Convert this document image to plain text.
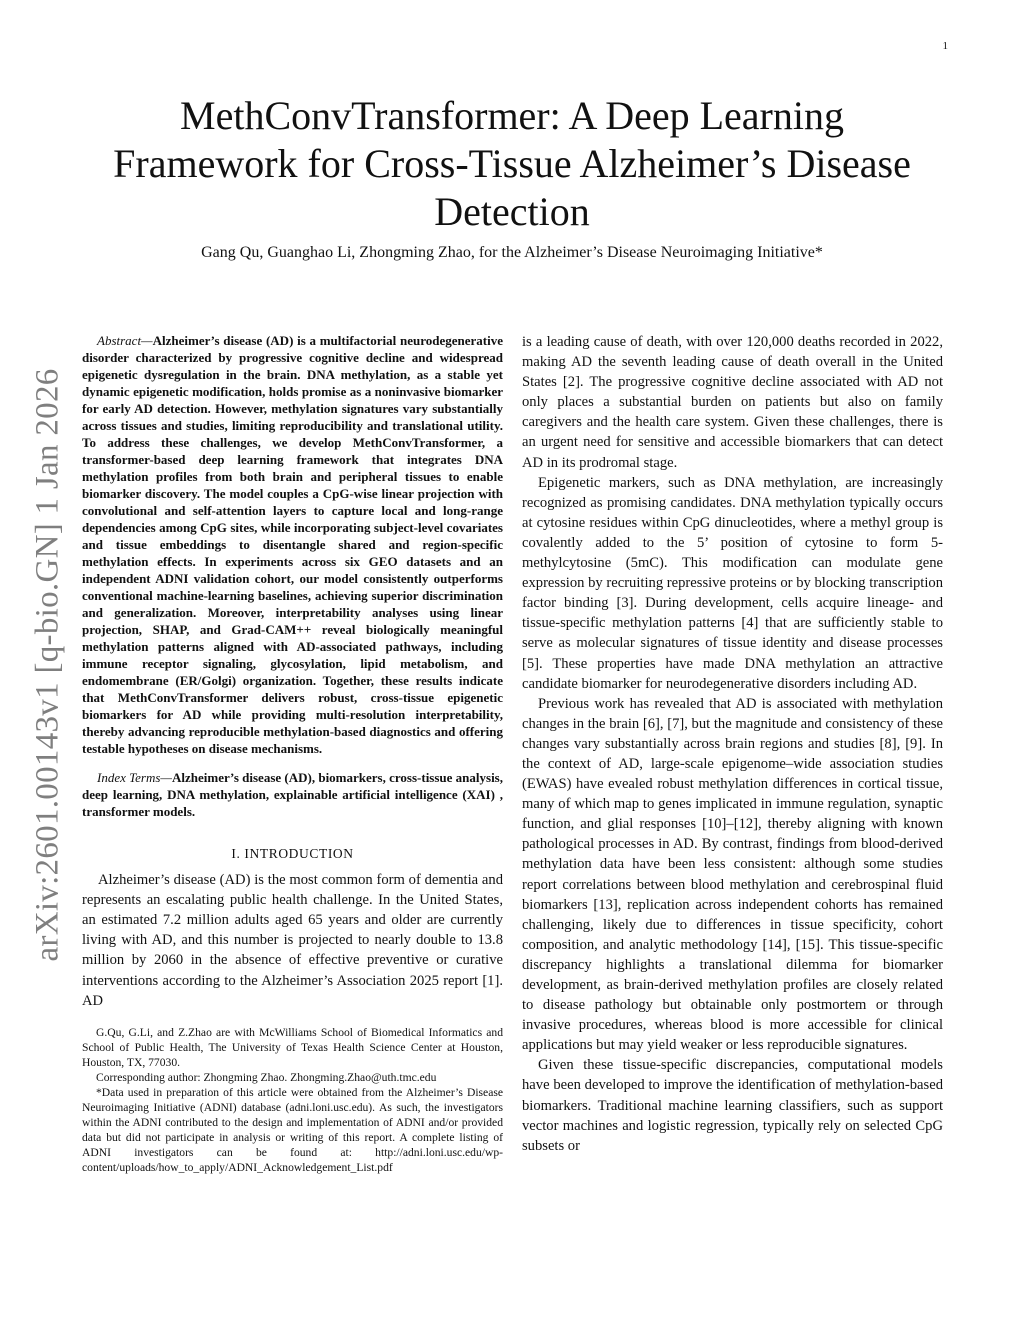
1
arXiv:2601.00143v1 [q-bio.GN] 1 Jan 2026
MethConvTransformer: A Deep Learning Framework for Cross-Tissue Alzheimer’s Disease Detection
Gang Qu, Guanghao Li, Zhongming Zhao, for the Alzheimer’s Disease Neuroimaging Initiative*

Abstract—Alzheimer’s disease (AD) is a multifactorial neurodegenerative disorder characterized by progressive cognitive decline and widespread epigenetic dysregulation in the brain. DNA methylation, as a stable yet dynamic epigenetic modification, holds promise as a noninvasive biomarker for early AD detection. However, methylation signatures vary substantially across tissues and studies, limiting reproducibility and translational utility. To address these challenges, we develop MethConvTransformer, a transformer-based deep learning framework that integrates DNA methylation profiles from both brain and peripheral tissues to enable biomarker discovery. The model couples a CpG-wise linear projection with convolutional and self-attention layers to capture local and long-range dependencies among CpG sites, while incorporating subject-level covariates and tissue embeddings to disentangle shared and region-specific methylation effects. In experiments across six GEO datasets and an independent ADNI validation cohort, our model consistently outperforms conventional machine-learning baselines, achieving superior discrimination and generalization. Moreover, interpretability analyses using linear projection, SHAP, and Grad-CAM++ reveal biologically meaningful methylation patterns aligned with AD-associated pathways, including immune receptor signaling, glycosylation, lipid metabolism, and endomembrane (ER/Golgi) organization. Together, these results indicate that MethConvTransformer delivers robust, cross-tissue epigenetic biomarkers for AD while providing multi-resolution interpretability, thereby advancing reproducible methylation-based diagnostics and offering testable hypotheses on disease mechanisms.

Index Terms—Alzheimer’s disease (AD), biomarkers, cross-tissue analysis, deep learning, DNA methylation, explainable artificial intelligence (XAI) , transformer models.

I. INTRODUCTION

Alzheimer’s disease (AD) is the most common form of dementia and represents an escalating public health challenge. In the United States, an estimated 7.2 million adults aged 65 years and older are currently living with AD, and this number is projected to nearly double to 13.8 million by 2060 in the absence of effective preventive or curative interventions according to the Alzheimer’s Association 2025 report [1]. AD

G.Qu, G.Li, and Z.Zhao are with McWilliams School of Biomedical Informatics and School of Public Health, The University of Texas Health Science Center at Houston, Houston, TX, 77030.

Corresponding author: Zhongming Zhao. Zhongming.Zhao@uth.tmc.edu

*Data used in preparation of this article were obtained from the Alzheimer’s Disease Neuroimaging Initiative (ADNI) database (adni.loni.usc.edu). As such, the investigators within the ADNI contributed to the design and implementation of ADNI and/or provided data but did not participate in analysis or writing of this report. A complete listing of ADNI investigators can be found at: http://adni.loni.usc.edu/wp-content/uploads/how_to_apply/ADNI_Acknowledgement_List.pdf

is a leading cause of death, with over 120,000 deaths recorded in 2022, making AD the seventh leading cause of death overall in the United States [2]. The progressive cognitive decline associated with AD not only places a substantial burden on patients but also on family caregivers and the health care system. Given these challenges, there is an urgent need for sensitive and accessible biomarkers that can detect AD in its prodromal stage.

Epigenetic markers, such as DNA methylation, are increasingly recognized as promising candidates. DNA methylation typically occurs at cytosine residues within CpG dinucleotides, where a methyl group is covalently added to the 5’ position of cytosine to form 5-methylcytosine (5mC). This modification can modulate gene expression by recruiting repressive proteins or by blocking transcription factor binding [3]. During development, cells acquire lineage- and tissue-specific methylation patterns [4] that are sufficiently stable to serve as molecular signatures of tissue identity and disease processes [5]. These properties have made DNA methylation an attractive candidate biomarker for neurodegenerative disorders including AD.

Previous work has revealed that AD is associated with methylation changes in the brain [6], [7], but the magnitude and consistency of these changes vary substantially across brain regions and studies [8], [9]. In the context of AD, large-scale epigenome–wide association studies (EWAS) have evealed robust methylation differences in cortical tissue, many of which map to genes implicated in immune regulation, synaptic function, and glial responses [10]–[12], thereby aligning with known pathological processes in AD. By contrast, findings from blood-derived methylation data have been less consistent: although some studies report correlations between blood methylation and cerebrospinal fluid biomarkers [13], replication across independent cohorts has remained challenging, likely due to differences in tissue specificity, cohort composition, and analytic methodology [14], [15]. This tissue-specific discrepancy highlights a translational dilemma for biomarker development, as brain-derived methylation profiles are closely related to disease pathology but obtainable only postmortem or through invasive procedures, whereas blood is more accessible for clinical applications but may yield weaker or less reproducible signatures.

Given these tissue-specific discrepancies, computational models have been developed to improve the identification of methylation-based biomarkers. Traditional machine learning classifiers, such as support vector machines and logistic regression, typically rely on selected CpG subsets or
